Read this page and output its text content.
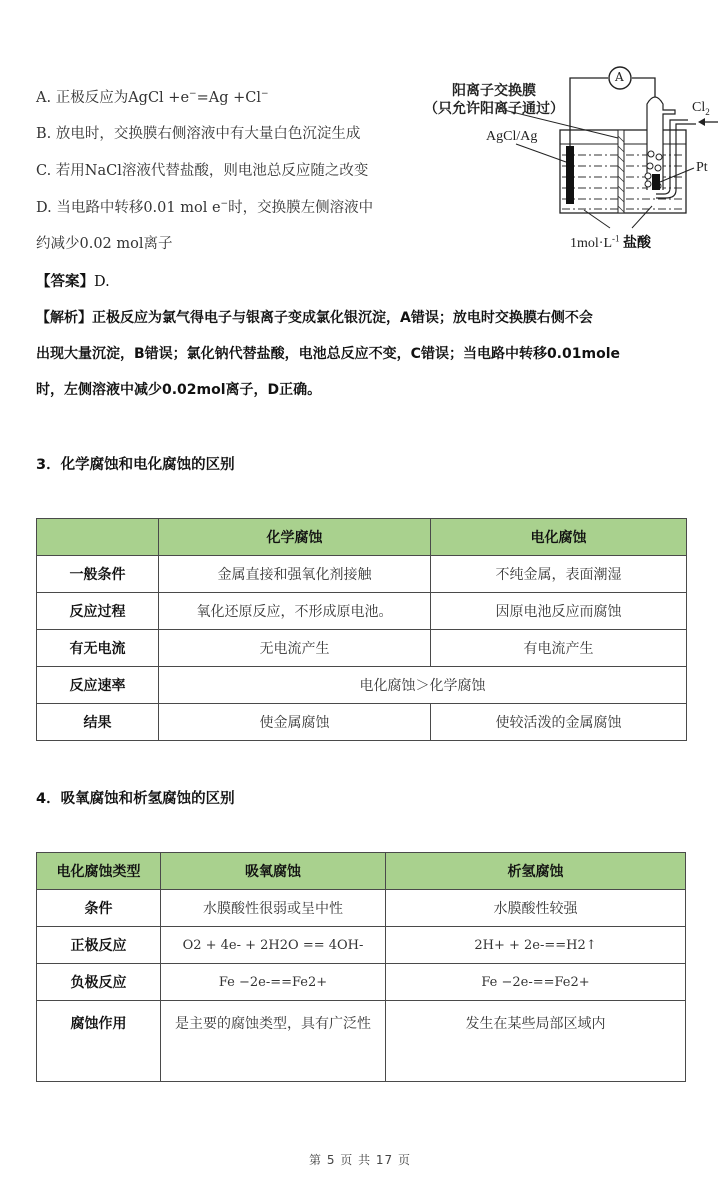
A. 正极反应为AgCl +e−=Ag +Cl−
B. 放电时，交换膜右侧溶液中有大量白色沉淀生成
C. 若用NaCl溶液代替盐酸，则电池总反应随之改变
D. 当电路中转移0.01 mol e−时，交换膜左侧溶液中
约减少0.02 mol离子
阳离子交换膜
（只允许阳离子通过）
A
AgCl/Ag
Pt
$Cl_2$
$1mol\cdot L^{-1}$ 盐酸
【答案】D.
【解析】正极反应为氯气得电子与银离子变成氯化银沉淀，A错误；放电时交换膜右侧不会
出现大量沉淀，B错误；氯化钠代替盐酸，电池总反应不变，C错误；当电路中转移0.01mole
时，左侧溶液中减少0.02mol离子，D正确。
3．化学腐蚀和电化腐蚀的区别
	化学腐蚀	电化腐蚀
一般条件	金属直接和强氧化剂接触	不纯金属，表面潮湿
反应过程	氧化还原反应，不形成原电池。	因原电池反应而腐蚀
有无电流	无电流产生	有电流产生
反应速率	电化腐蚀＞化学腐蚀	
结果	使金属腐蚀	使较活泼的金属腐蚀
4．吸氧腐蚀和析氢腐蚀的区别
电化腐蚀类型	吸氧腐蚀	析氢腐蚀
条件	水膜酸性很弱或呈中性	水膜酸性较强
正极反应	O2 + 4e- + 2H2O == 4OH-	2H+ + 2e-==H2↑
负极反应	Fe −2e-==Fe2+	Fe −2e-==Fe2+
腐蚀作用	是主要的腐蚀类型，具有广泛性	发生在某些局部区域内
第 5 页 共 17 页
